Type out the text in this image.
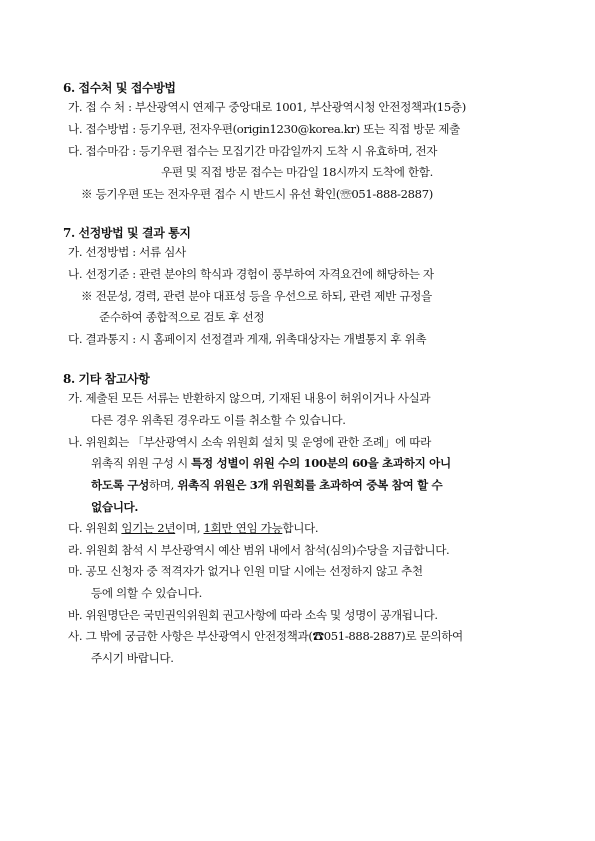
6. 접수처 및 접수방법
가. 접 수 처 : 부산광역시 연제구 중앙대로 1001, 부산광역시청 안전정책과(15층)
나. 접수방법 : 등기우편, 전자우편(origin1230@korea.kr) 또는 직접 방문 제출
다. 접수마감 : 등기우편 접수는 모집기간 마감일까지 도착 시 유효하며, 전자
우편 및 직접 방문 접수는 마감일 18시까지 도착에 한함.
※ 등기우편 또는 전자우편 접수 시 반드시 유선 확인(☏051-888-2887)
7. 선정방법 및 결과 통지
가. 선정방법 : 서류 심사
나. 선정기준 : 관련 분야의 학식과 경험이 풍부하여 자격요건에 해당하는 자
※ 전문성, 경력, 관련 분야 대표성 등을 우선으로 하되, 관련 제반 규정을
준수하여 종합적으로 검토 후 선정
다. 결과통지 : 시 홈페이지 선정결과 게재, 위촉대상자는 개별통지 후 위촉
8. 기타 참고사항
가. 제출된 모든 서류는 반환하지 않으며, 기재된 내용이 허위이거나 사실과
다른 경우 위촉된 경우라도 이를 취소할 수 있습니다.
나. 위원회는 「부산광역시 소속 위원회 설치 및 운영에 관한 조례」에 따라
위촉직 위원 구성 시 특정 성별이 위원 수의 100분의 60을 초과하지 아니
하도록 구성하며, 위촉직 위원은 3개 위원회를 초과하여 중복 참여 할 수
없습니다.
다. 위원회 임기는 2년이며, 1회만 연임 가능합니다.
라. 위원회 참석 시 부산광역시 예산 범위 내에서 참석(심의)수당을 지급합니다.
마. 공모 신청자 중 적격자가 없거나 인원 미달 시에는 선정하지 않고 추천
등에 의할 수 있습니다.
바. 위원명단은 국민권익위원회 권고사항에 따라 소속 및 성명이 공개됩니다.
사. 그 밖에 궁금한 사항은 부산광역시 안전정책과(☎051-888-2887)로 문의하여
주시기 바랍니다.
